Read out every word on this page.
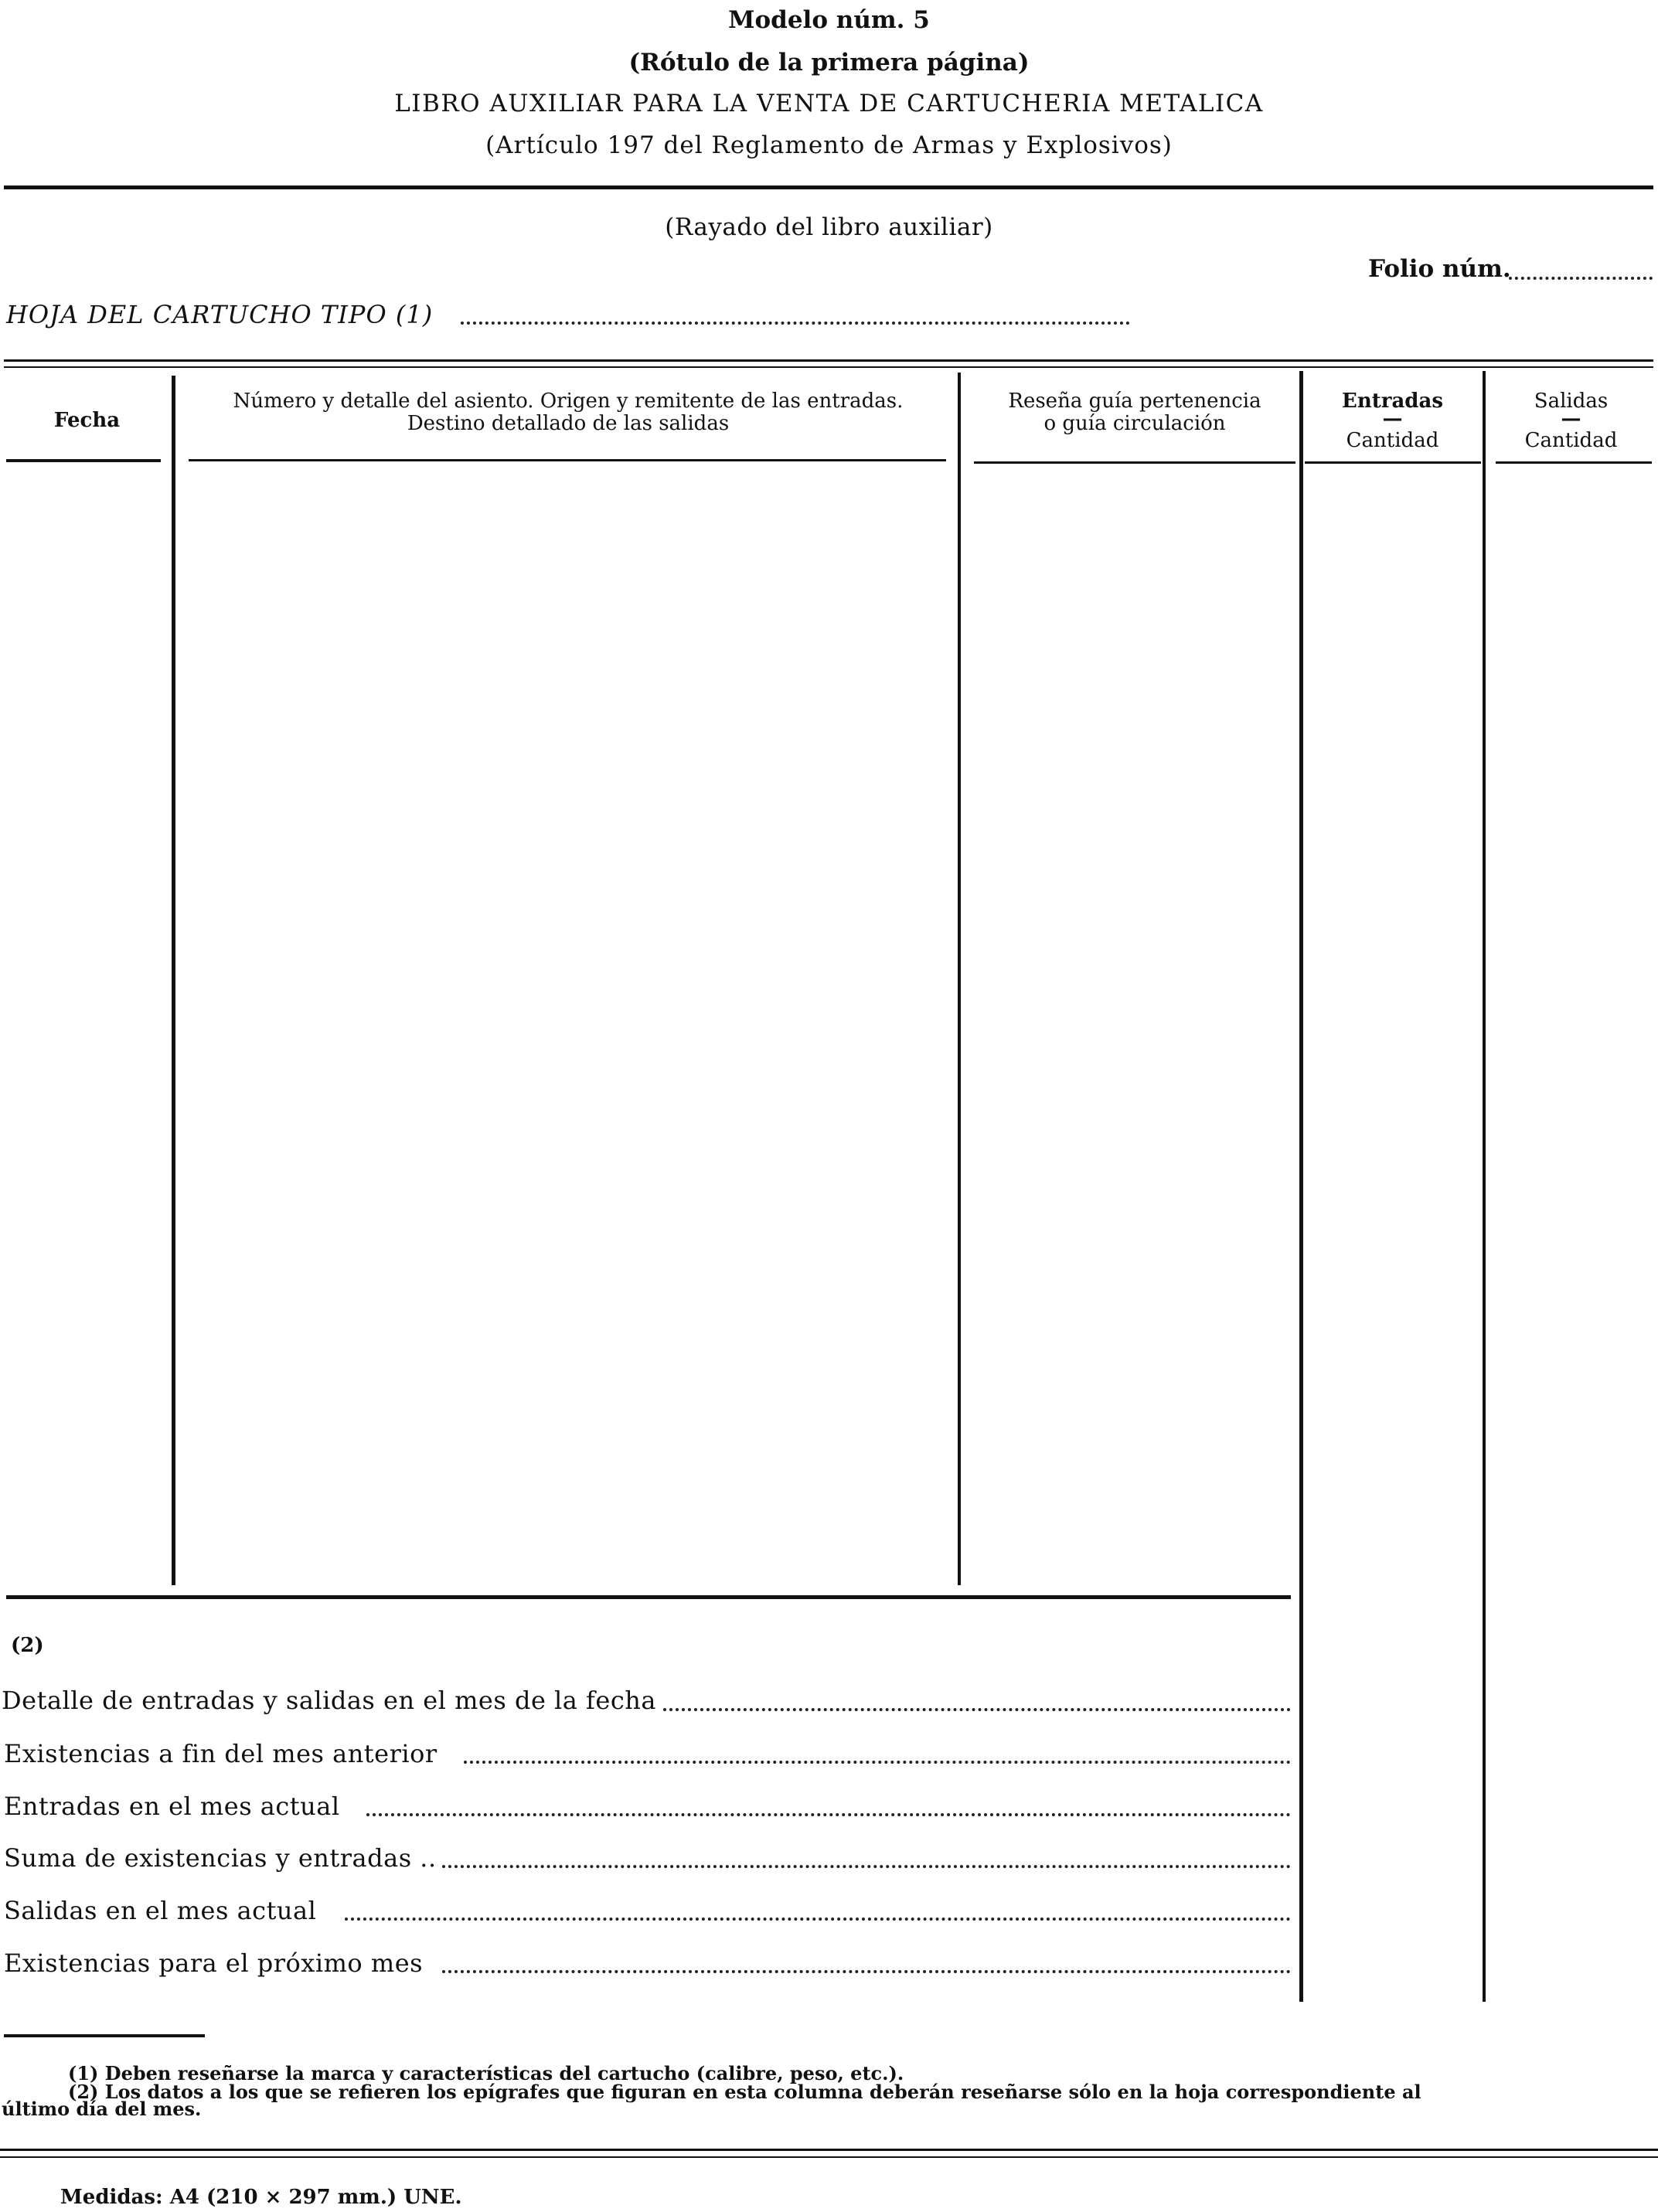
Modelo núm. 5
(Rótulo de la primera página)
LIBRO AUXILIAR PARA LA VENTA DE CARTUCHERIA METALICA
(Artículo 197 del Reglamento de Armas y Explosivos)
(Rayado del libro auxiliar)
Folio núm.
HOJA DEL CARTUCHO TIPO (1)
Fecha
Número y detalle del asiento. Origen y remitente de las entradas.
Destino detallado de las salidas
Reseña guía pertenencia
o guía circulación
Entradas
—
Cantidad
Salidas
—
Cantidad
(2)
Detalle de entradas y salidas en el mes de la fecha
Existencias a fin del mes anterior
Entradas en el mes actual
Suma de existencias y entradas ..
Salidas en el mes actual
Existencias para el próximo mes
(1) Deben reseñarse la marca y características del cartucho (calibre, peso, etc.).
(2) Los datos a los que se refieren los epígrafes que figuran en esta columna deberán reseñarse sólo en la hoja correspondiente al
último día del mes.
Medidas: A4 (210 × 297 mm.) UNE.
